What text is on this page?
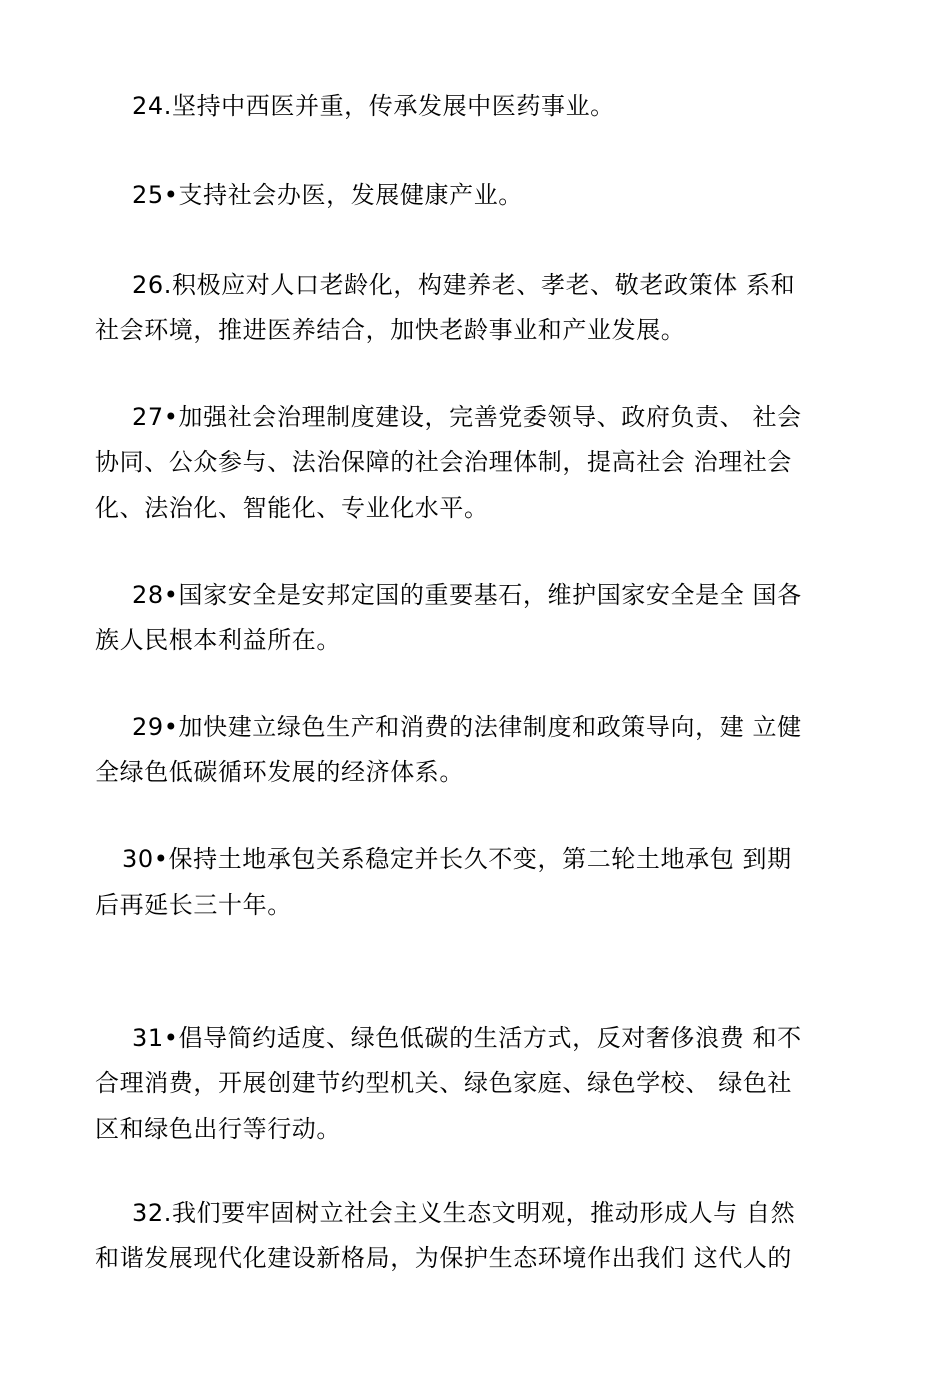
24.坚持中西医并重，传承发展中医药事业。
25•支持社会办医，发展健康产业。
26.积极应对人口老龄化，构建养老、孝老、敬老政策体 系和
社会环境，推进医养结合，加快老龄事业和产业发展。
27•加强社会治理制度建设，完善党委领导、政府负责、 社会
协同、公众参与、法治保障的社会治理体制，提高社会 治理社会
化、法治化、智能化、专业化水平。
28•国家安全是安邦定国的重要基石，维护国家安全是全 国各
族人民根本利益所在。
29•加快建立绿色生产和消费的法律制度和政策导向，建 立健
全绿色低碳循环发展的经济体系。
30•保持土地承包关系稳定并长久不变，第二轮土地承包 到期
后再延长三十年。
31•倡导简约适度、绿色低碳的生活方式，反对奢侈浪费 和不
合理消费，开展创建节约型机关、绿色家庭、绿色学校、 绿色社
区和绿色出行等行动。
32.我们要牢固树立社会主义生态文明观，推动形成人与 自然
和谐发展现代化建设新格局，为保护生态环境作出我们 这代人的
